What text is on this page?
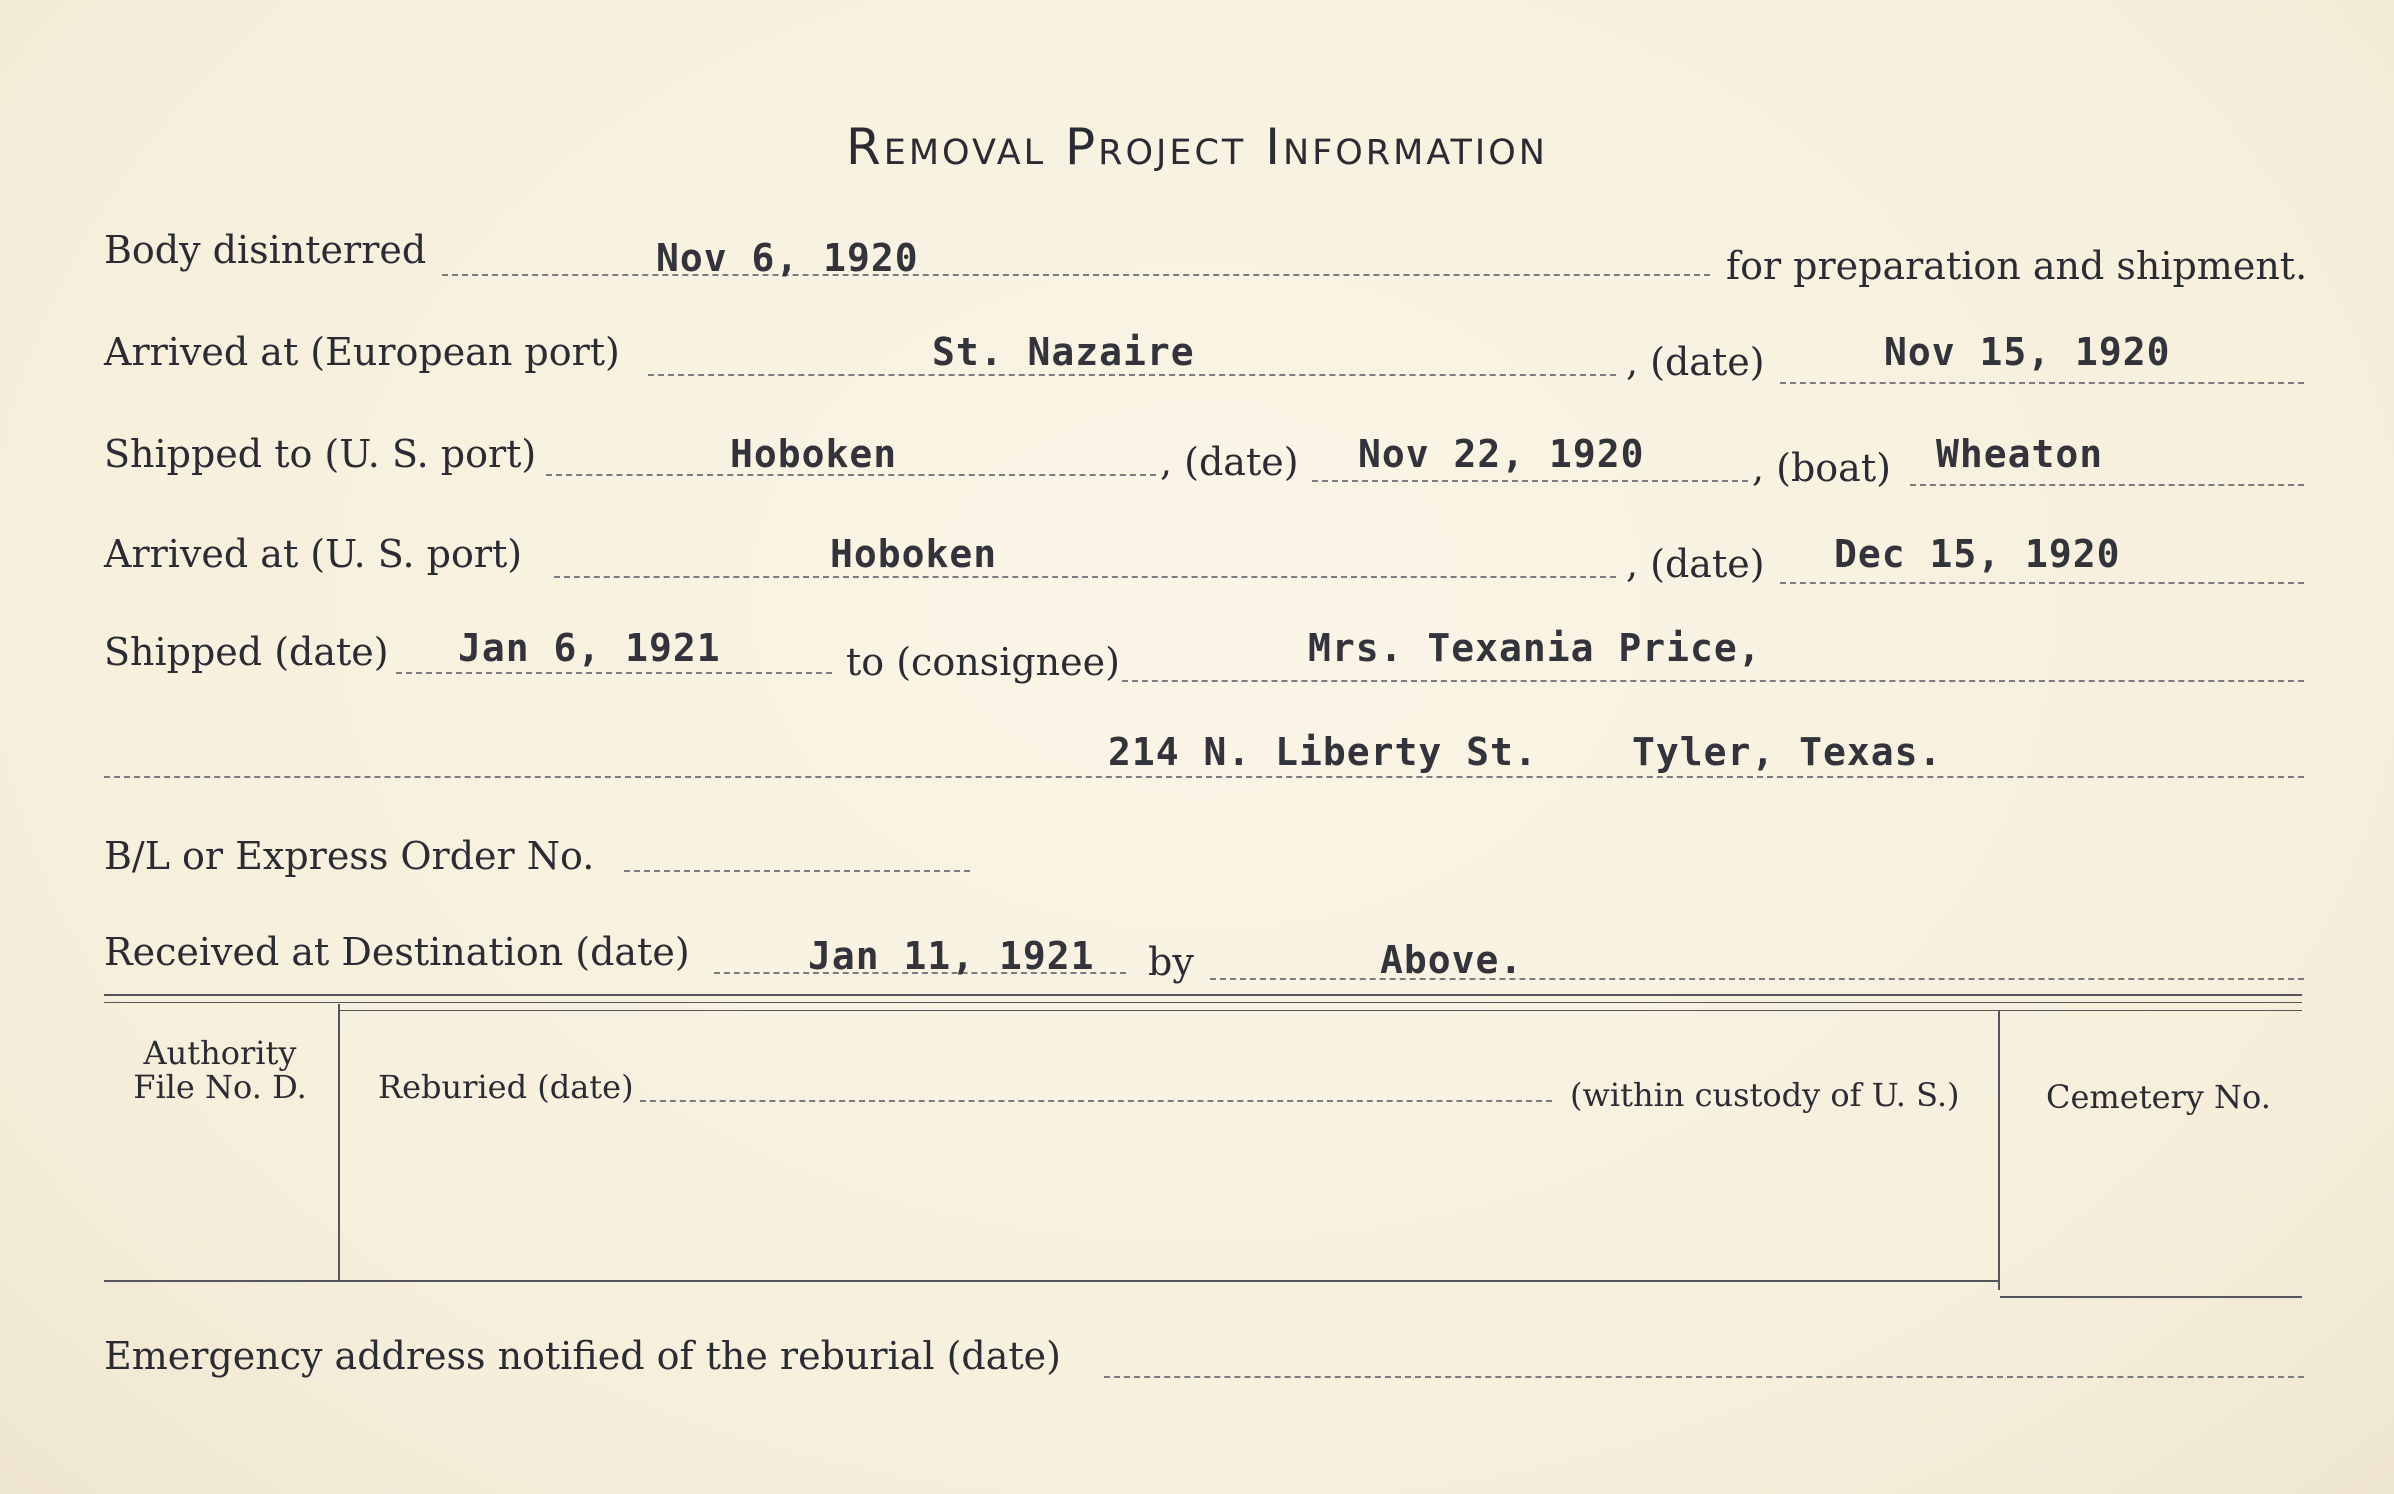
Removal Project Information
Body disinterred	Nov 6, 1920	for preparation and shipment.
Arrived at (European port)	St. Nazaire	, (date)	Nov 15, 1920
Shipped to (U. S. port)	Hoboken	, (date) Nov 22, 1920	, (boat) Wheaton
Arrived at (U. S. port)	Hoboken	, (date) Dec 15, 1920
Shipped (date) Jan 6, 1921	to (consignee)	Mrs. Texania Price,
214 N. Liberty St. Tyler, Texas.
B/L or Express Order No.
Received at Destination (date)	Jan 11, 1921 by	Above.
Authority
File No. D.	Reburied (date)	(within custody of U. S.)	Cemetery No.
Emergency address notified of the reburial (date)
